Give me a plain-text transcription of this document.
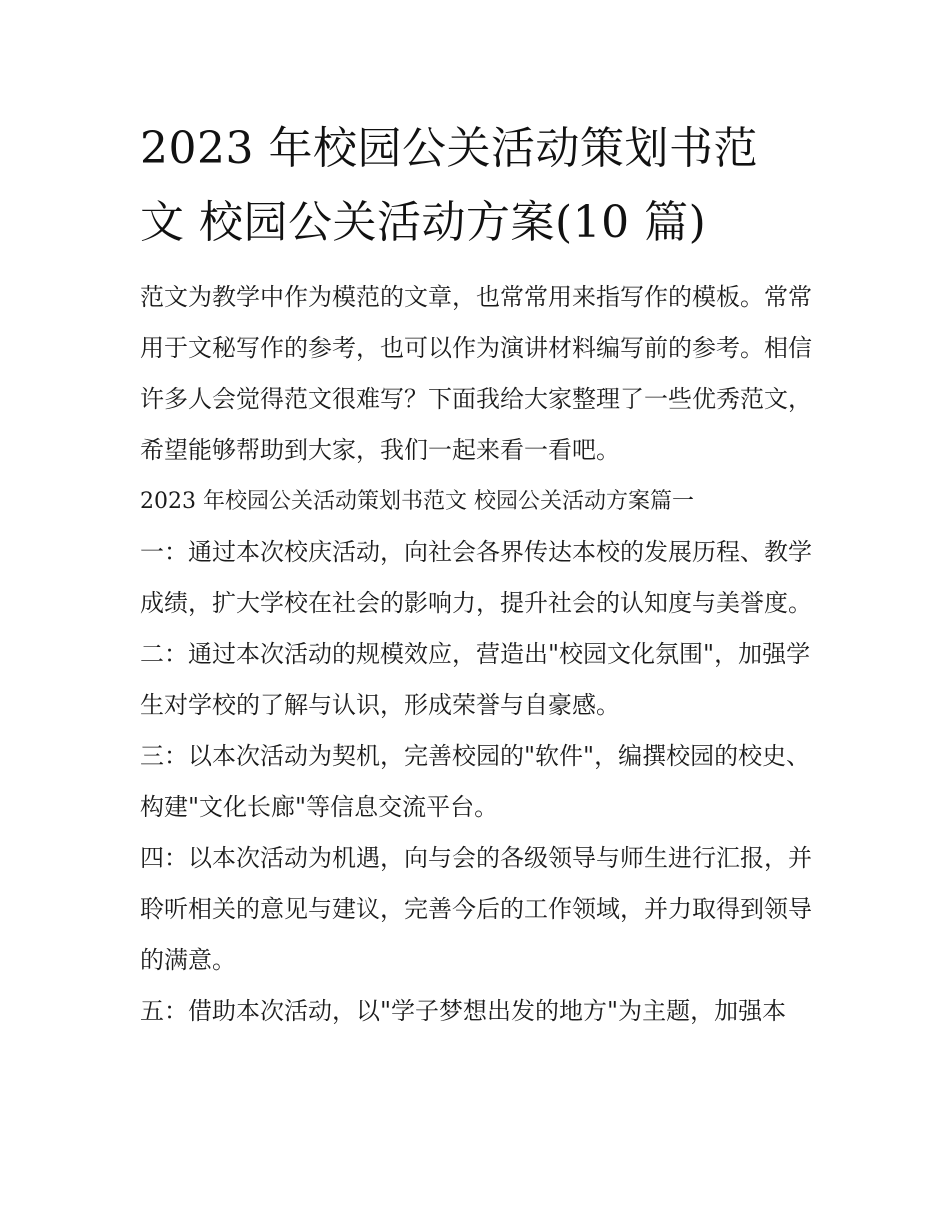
2023 年校园公关活动策划书范
文 校园公关活动方案(10 篇)

范文为教学中作为模范的文章，也常常用来指写作的模板。常常用于文秘写作的参考，也可以作为演讲材料编写前的参考。相信许多人会觉得范文很难写？下面我给大家整理了一些优秀范文，希望能够帮助到大家，我们一起来看一看吧。

2023 年校园公关活动策划书范文 校园公关活动方案篇一

一：通过本次校庆活动，向社会各界传达本校的发展历程、教学成绩，扩大学校在社会的影响力，提升社会的认知度与美誉度。

二：通过本次活动的规模效应，营造出"校园文化氛围"，加强学生对学校的了解与认识，形成荣誉与自豪感。

三：以本次活动为契机，完善校园的"软件"，编撰校园的校史、构建"文化长廊"等信息交流平台。

四：以本次活动为机遇，向与会的各级领导与师生进行汇报，并聆听相关的意见与建议，完善今后的工作领域，并力取得到领导的满意。

五：借助本次活动，以"学子梦想出发的地方"为主题，加强本
